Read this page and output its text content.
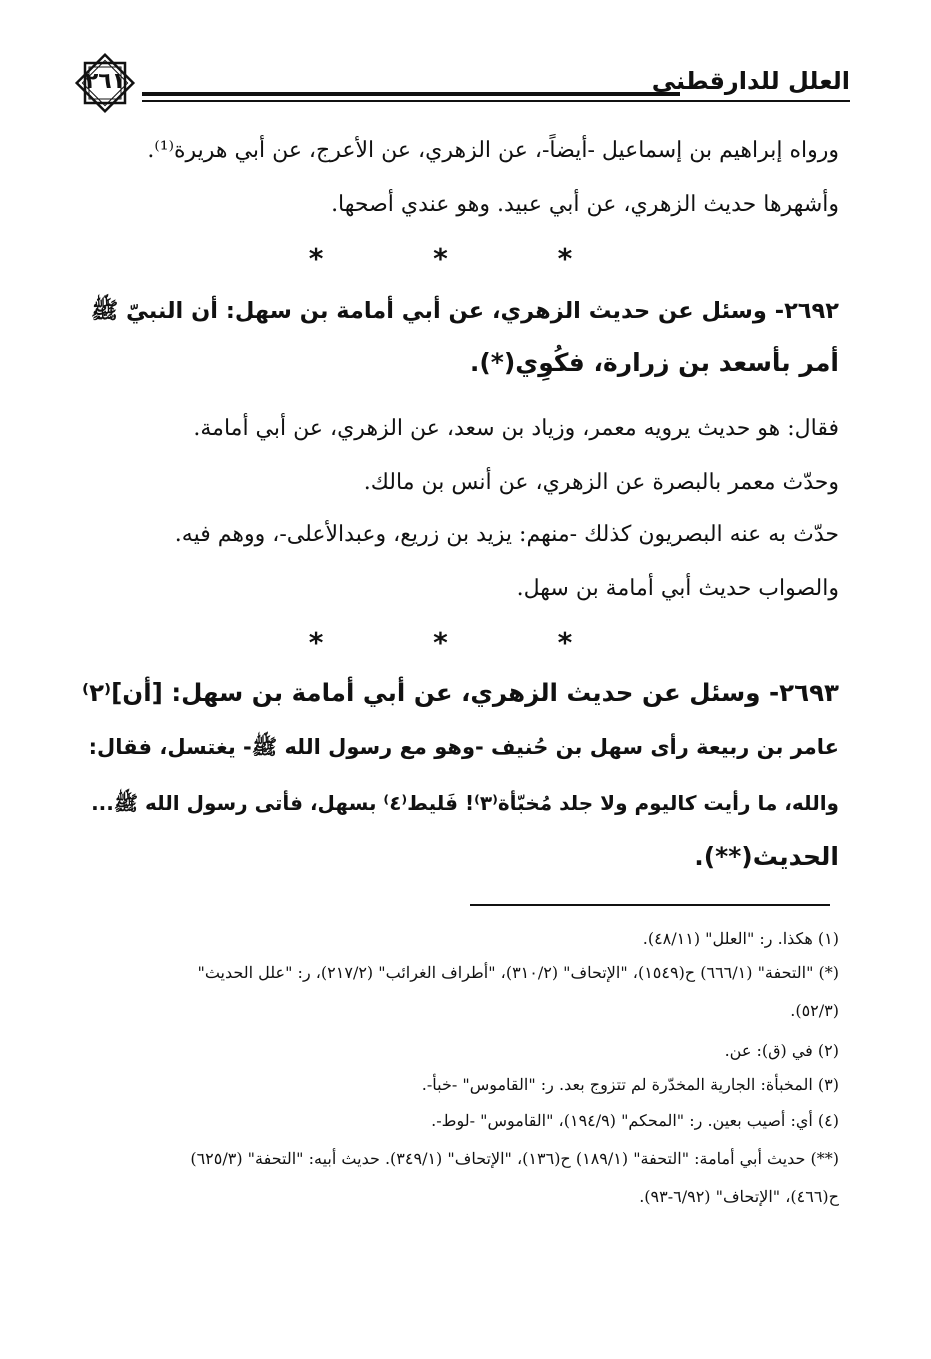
٢٦١	العلل للدارقطني
ورواه إبراهيم بن إسماعيل -أيضاً-، عن الزهري، عن الأعرج، عن أبي هريرة⁽¹⁾.
وأشهرها حديث الزهري، عن أبي عبيد. وهو عندي أصحها.
* * *
٢٦٩٢- وسئل عن حديث الزهري، عن أبي أمامة بن سهل: أن النبيّ ﷺ
أمر بأسعد بن زرارة، فكُوِي(*).
فقال: هو حديث يرويه معمر، وزياد بن سعد، عن الزهري، عن أبي أمامة.
وحدّث معمر بالبصرة عن الزهري، عن أنس بن مالك.
حدّث به عنه البصريون كذلك -منهم: يزيد بن زريع، وعبدالأعلى-، ووهم فيه.
والصواب حديث أبي أمامة بن سهل.
* * *
٢٦٩٣- وسئل عن حديث الزهري، عن أبي أمامة بن سهل: [أن]⁽٢⁾
عامر بن ربيعة رأى سهل بن حُنيف -وهو مع رسول الله ﷺ- يغتسل، فقال:
والله، ما رأيت كاليوم ولا جلد مُخبّأة⁽٣⁾! فَليط⁽٤⁾ بسهل، فأتى رسول الله ﷺ...
الحديث(**).
(١) هكذا. ر: "العلل" (٤٨/١١).
(*) "التحفة" (٦٦٦/١) ح(١٥٤٩)، "الإتحاف" (٣١٠/٢)، "أطراف الغرائب" (٢١٧/٢)، ر: "علل الحديث"
(٥٢/٣).
(٢) في (ق): عن.
(٣) المخبأة: الجارية المخدّرة لم تتزوج بعد. ر: "القاموس" -خبأ-.
(٤) أي: أصيب بعين. ر: "المحكم" (١٩٤/٩)، "القاموس" -لوط-.
(**) حديث أبي أمامة: "التحفة" (١٨٩/١) ح(١٣٦)، "الإتحاف" (٣٤٩/١). حديث أبيه: "التحفة" (٦٢٥/٣)
ح(٤٦٦)، "الإتحاف" (٦/٩٢-٩٣).
